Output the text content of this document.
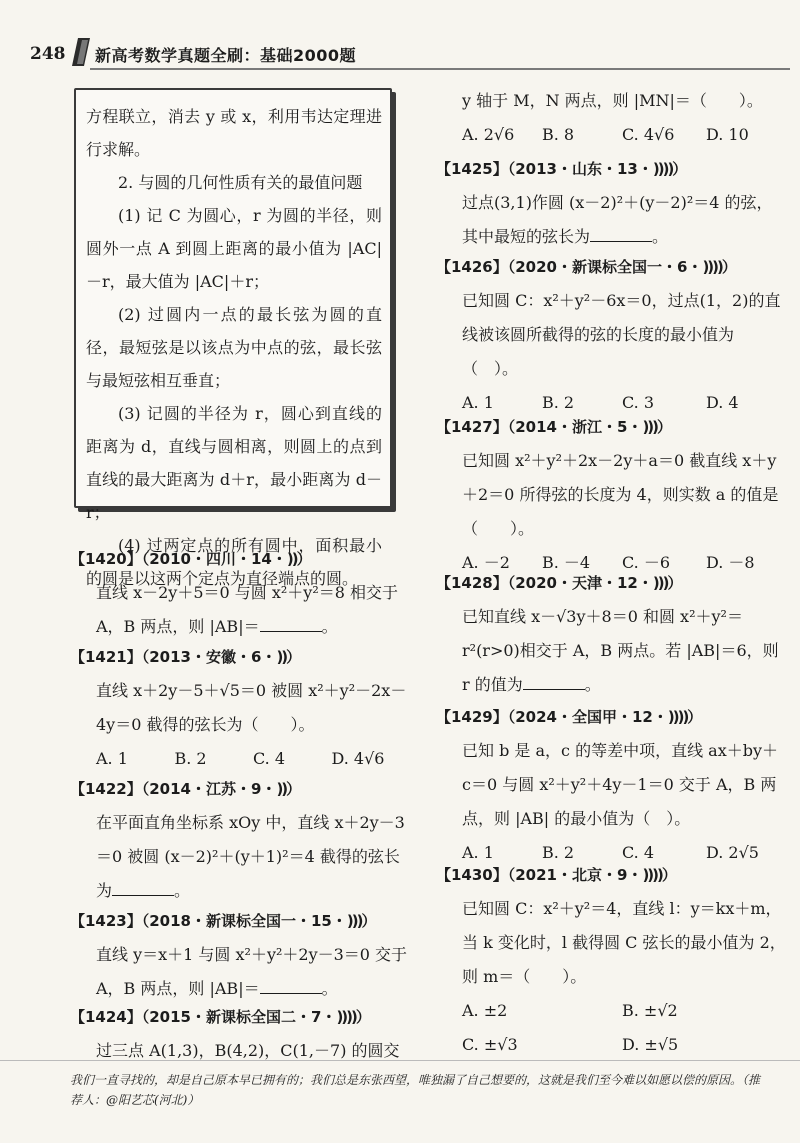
248 新高考数学真题全刷：基础2000题

方程联立，消去 y 或 x，利用韦达定理进行求解。

2. 与圆的几何性质有关的最值问题

(1) 记 C 为圆心，r 为圆的半径，则圆外一点 A 到圆上距离的最小值为 |AC|－r，最大值为 |AC|＋r；

(2) 过圆内一点的最长弦为圆的直径，最短弦是以该点为中点的弦，最长弦与最短弦相互垂直；

(3) 记圆的半径为 r，圆心到直线的距离为 d，直线与圆相离，则圆上的点到直线的最大距离为 d＋r，最小距离为 d－r；

(4) 过两定点的所有圆中，面积最小的圆是以这两个定点为直径端点的圆。

【1420】（2010・四川・14・))）
直线 x－2y＋5＝0 与圆 x²＋y²＝8 相交于 A，B 两点，则 |AB|＝	。
【1421】（2013・安徽・6・))）
直线 x＋2y－5＋√5＝0 被圆 x²＋y²－2x－4y＝0 截得的弦长为（　　）。
A. 1	B. 2	C. 4	D. 4√6
【1422】（2014・江苏・9・))）
在平面直角坐标系 xOy 中，直线 x＋2y－3＝0 被圆 (x－2)²＋(y＋1)²＝4 截得的弦长为	。
【1423】（2018・新课标全国一・15・)))）
直线 y＝x＋1 与圆 x²＋y²＋2y－3＝0 交于 A，B 两点，则 |AB|＝	。
【1424】（2015・新课标全国二・7・))))）
过三点 A(1,3)，B(4,2)，C(1,－7) 的圆交
y 轴于 M，N 两点，则 |MN|＝（　　）。
A. 2√6	B. 8	C. 4√6	D. 10
【1425】（2013・山东・13・))))）
过点(3,1)作圆 (x－2)²＋(y－2)²＝4 的弦，其中最短的弦长为	。
【1426】（2020・新课标全国一・6・))))）
已知圆 C：x²＋y²－6x＝0，过点(1，2)的直线被该圆所截得的弦的长度的最小值为（　）。
A. 1	B. 2	C. 3	D. 4
【1427】（2014・浙江・5・)))）
已知圆 x²＋y²＋2x－2y＋a＝0 截直线 x＋y＋2＝0 所得弦的长度为 4，则实数 a 的值是（　　）。
A. －2	B. －4	C. －6	D. －8
【1428】（2020・天津・12・)))）
已知直线 x－√3y＋8＝0 和圆 x²＋y²＝r²(r>0)相交于 A，B 两点。若 |AB|＝6，则 r 的值为	。
【1429】（2024・全国甲・12・))))）
已知 b 是 a，c 的等差中项，直线 ax＋by＋c＝0 与圆 x²＋y²＋4y－1＝0 交于 A，B 两点，则 |AB| 的最小值为（　）。
A. 1	B. 2	C. 4	D. 2√5
【1430】（2021・北京・9・))))）
已知圆 C：x²＋y²＝4，直线 l：y＝kx＋m，当 k 变化时，l 截得圆 C 弦长的最小值为 2，则 m＝（　　）。
A. ±2	B. ±√2
C. ±√3	D. ±√5
我们一直寻找的，却是自己原本早已拥有的；我们总是东张西望，唯独漏了自己想要的，这就是我们至今难以如愿以偿的原因。（推荐人：@阳艺芯(河北)）
